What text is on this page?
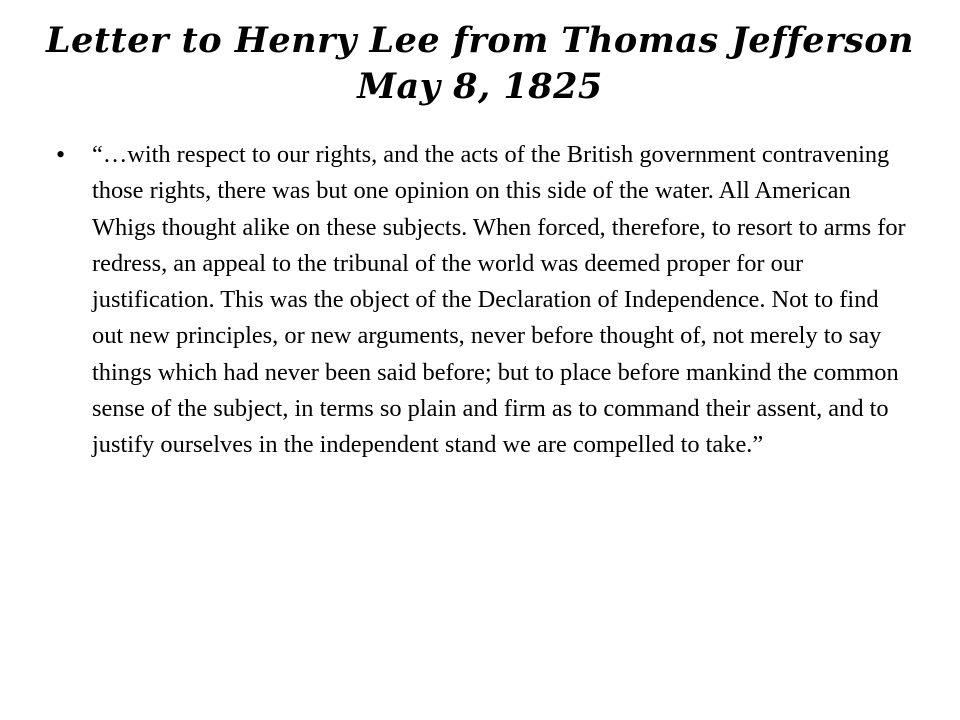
Letter to Henry Lee from Thomas Jefferson
May 8, 1825
• “…with respect to our rights, and the acts of the British government contravening those rights, there was but one opinion on this side of the water. All American Whigs thought alike on these subjects. When forced, therefore, to resort to arms for redress, an appeal to the tribunal of the world was deemed proper for our justification. This was the object of the Declaration of Independence. Not to find out new principles, or new arguments, never before thought of, not merely to say things which had never been said before; but to place before mankind the common sense of the subject, in terms so plain and firm as to command their assent, and to justify ourselves in the independent stand we are compelled to take.”
